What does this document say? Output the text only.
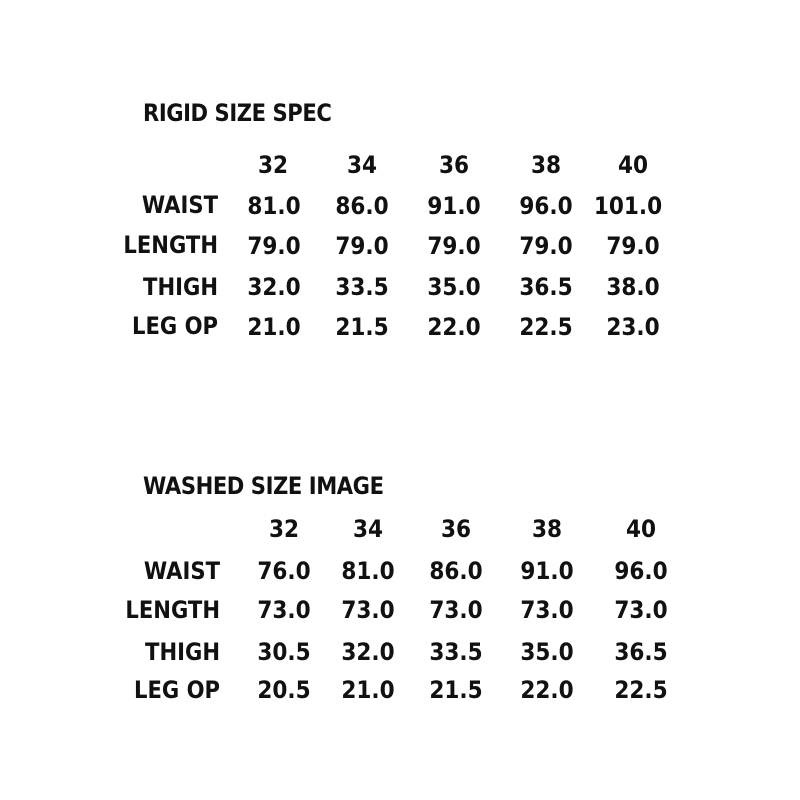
RIGID SIZE SPEC
32 34	36	38 40
WAIST 81.0 86.0 91.0 96.0 101.0
LENGTH 79.0 79.0 79.0 79.0 79.0
THIGH 32.0 33.5 35.0 36.5 38.0
LEG OP 21.0 21.5 22.0 22.5 23.0
WASHED SIZE IMAGE
32 34 36	38	40
WAIST 76.0 81.0 86.0 91.0 96.0
LENGTH 73.0 73.0 73.0 73.0 73.0
THIGH 30.5 32.0 33.5 35.0 36.5
LEG OP 20.5 21.0 21.5 22.0 22.5
